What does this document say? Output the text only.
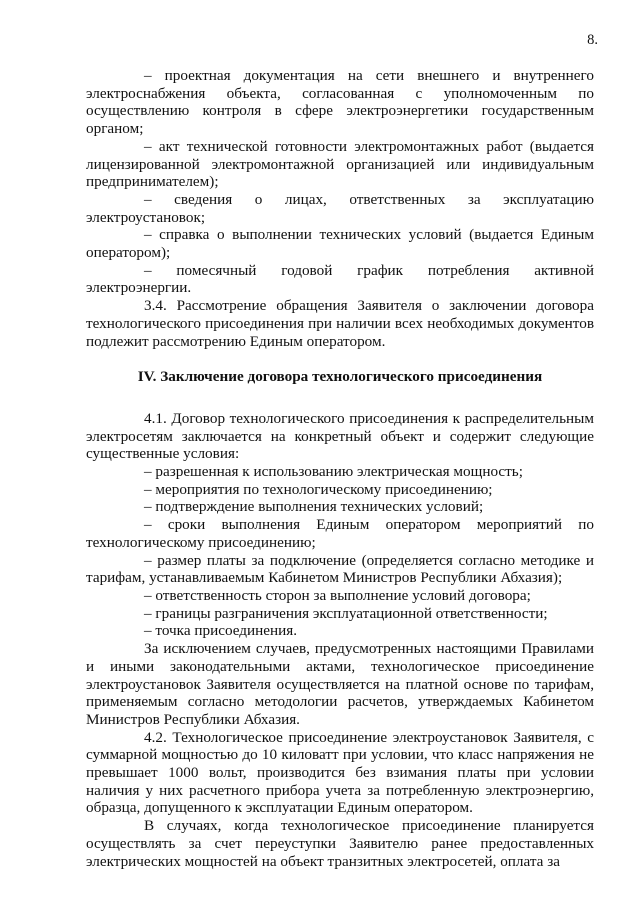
8.

– проектная документация на сети внешнего и внутреннего электроснабжения объекта, согласованная с уполномоченным по осуществлению контроля в сфере электроэнергетики государственным органом;

– акт технической готовности электромонтажных работ (выдается лицензированной электромонтажной организацией или индивидуальным предпринимателем);

– сведения о лицах, ответственных за эксплуатацию электроустановок;

– справка о выполнении технических условий (выдается Единым оператором);

– помесячный годовой график потребления активной электроэнергии.

3.4. Рассмотрение обращения Заявителя о заключении договора технологического присоединения при наличии всех необходимых документов подлежит рассмотрению Единым оператором.

IV. Заключение договора технологического присоединения

4.1. Договор технологического присоединения к распределительным электросетям заключается на конкретный объект и содержит следующие существенные условия:

– разрешенная к использованию электрическая мощность;

– мероприятия по технологическому присоединению;

– подтверждение выполнения технических условий;

– сроки выполнения Единым оператором мероприятий по технологическому присоединению;

– размер платы за подключение (определяется согласно методике и тарифам, устанавливаемым Кабинетом Министров Республики Абхазия);

– ответственность сторон за выполнение условий договора;

– границы разграничения эксплуатационной ответственности;

– точка присоединения.

За исключением случаев, предусмотренных настоящими Правилами и иными законодательными актами, технологическое присоединение электроустановок Заявителя осуществляется на платной основе по тарифам, применяемым согласно методологии расчетов, утверждаемых Кабинетом Министров Республики Абхазия.

4.2. Технологическое присоединение электроустановок Заявителя, с суммарной мощностью до 10 киловатт при условии, что класс напряжения не превышает 1000 вольт, производится без взимания платы при условии наличия у них расчетного прибора учета за потребленную электроэнергию, образца, допущенного к эксплуатации Единым оператором.

В случаях, когда технологическое присоединение планируется осуществлять за счет переуступки Заявителю ранее предоставленных электрических мощностей на объект транзитных электросетей, оплата за
